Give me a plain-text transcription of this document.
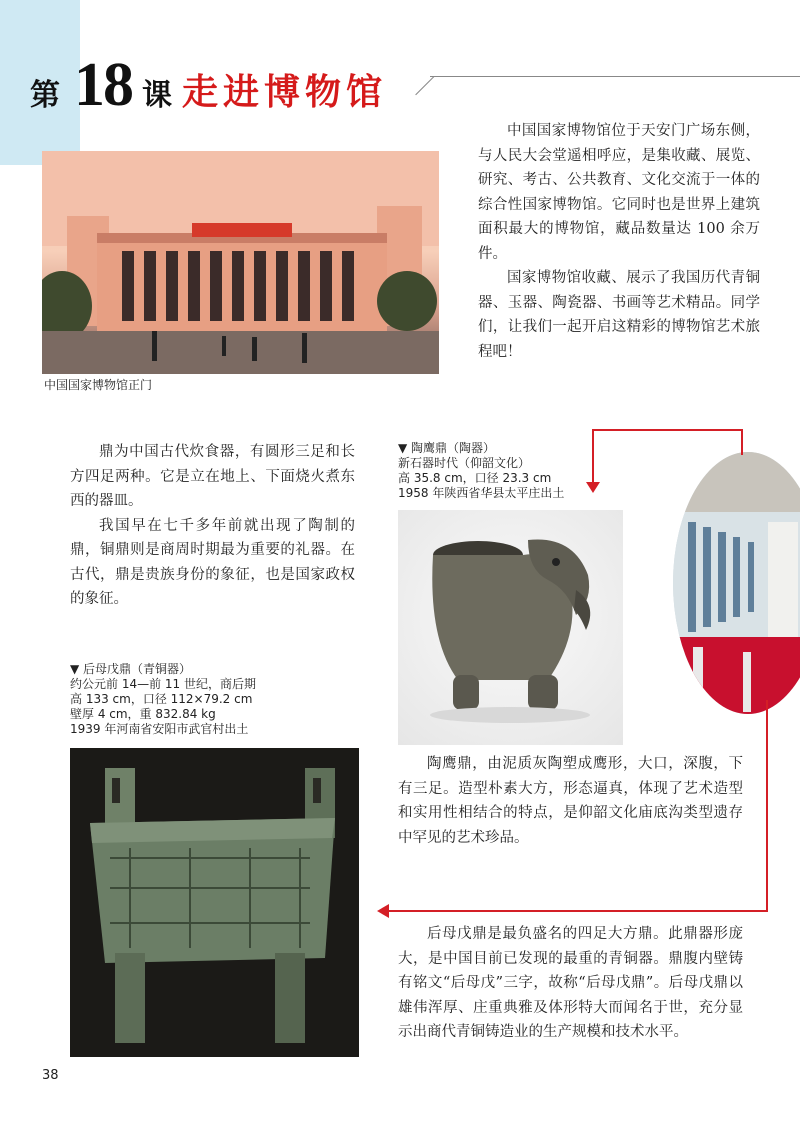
第 18 课 走进博物馆

中国国家博物馆位于天安门广场东侧，与人民大会堂遥相呼应，是集收藏、展览、研究、考古、公共教育、文化交流于一体的综合性国家博物馆。它同时也是世界上建筑面积最大的博物馆，藏品数量达 100 余万件。

国家博物馆收藏、展示了我国历代青铜器、玉器、陶瓷器、书画等艺术精品。同学们，让我们一起开启这精彩的博物馆艺术旅程吧！

中国国家博物馆正门

鼎为中国古代炊食器，有圆形三足和长方四足两种。它是立在地上、下面烧火煮东西的器皿。

我国早在七千多年前就出现了陶制的鼎，铜鼎则是商周时期最为重要的礼器。在古代，鼎是贵族身份的象征，也是国家政权的象征。

▼ 陶鹰鼎（陶器）
新石器时代（仰韶文化）
高 35.8 cm，口径 23.3 cm
1958 年陕西省华县太平庄出土

陶鹰鼎，由泥质灰陶塑成鹰形，大口，深腹，下有三足。造型朴素大方，形态逼真，体现了艺术造型和实用性相结合的特点，是仰韶文化庙底沟类型遗存中罕见的艺术珍品。

▼ 后母戊鼎（青铜器）
约公元前 14—前 11 世纪，商后期
高 133 cm，口径 112×79.2 cm
壁厚 4 cm，重 832.84 kg
1939 年河南省安阳市武官村出土

后母戊鼎是最负盛名的四足大方鼎。此鼎器形庞大，是中国目前已发现的最重的青铜器。鼎腹内壁铸有铭文“后母戊”三字，故称“后母戊鼎”。后母戊鼎以雄伟浑厚、庄重典雅及体形特大而闻名于世，充分显示出商代青铜铸造业的生产规模和技术水平。

38
